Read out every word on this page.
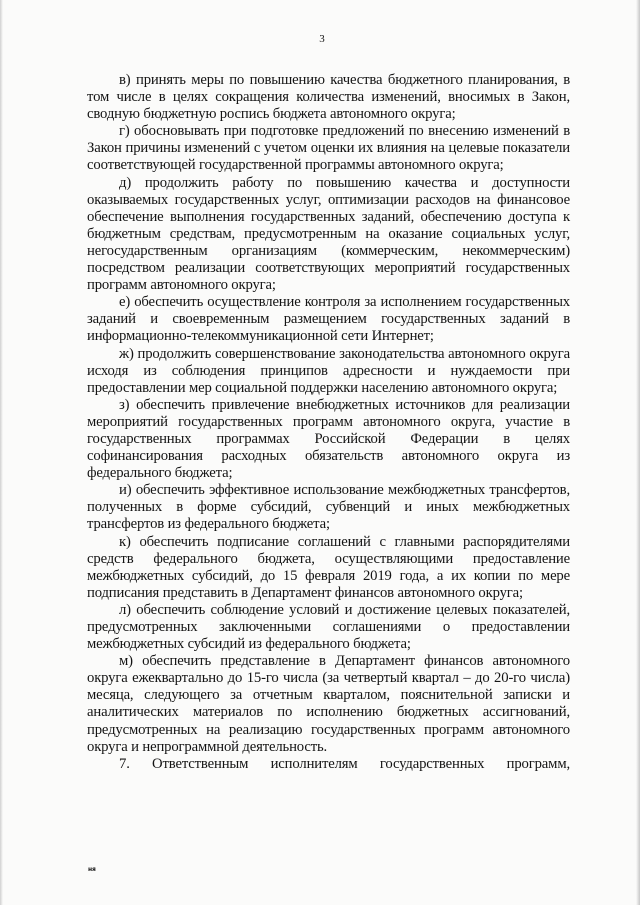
3

в) принять меры по повышению качества бюджетного планирования, в том числе в целях сокращения количества изменений, вносимых в Закон, сводную бюджетную роспись бюджета автономного округа;

г) обосновывать при подготовке предложений по внесению изменений в Закон причины изменений с учетом оценки их влияния на целевые показатели соответствующей государственной программы автономного округа;

д) продолжить работу по повышению качества и доступности оказываемых государственных услуг, оптимизации расходов на финансовое обеспечение выполнения государственных заданий, обеспечению доступа к бюджетным средствам, предусмотренным на оказание социальных услуг, негосударственным организациям (коммерческим, некоммерческим) посредством реализации соответствующих мероприятий государственных программ автономного округа;

е) обеспечить осуществление контроля за исполнением государственных заданий и своевременным размещением государственных заданий в информационно-телекоммуникационной сети Интернет;

ж) продолжить совершенствование законодательства автономного округа исходя из соблюдения принципов адресности и нуждаемости при предоставлении мер социальной поддержки населению автономного округа;

з) обеспечить привлечение внебюджетных источников для реализации мероприятий государственных программ автономного округа, участие в государственных программах Российской Федерации в целях софинансирования расходных обязательств автономного округа из федерального бюджета;

и) обеспечить эффективное использование межбюджетных трансфертов, полученных в форме субсидий, субвенций и иных межбюджетных трансфертов из федерального бюджета;

к) обеспечить подписание соглашений с главными распорядителями средств федерального бюджета, осуществляющими предоставление межбюджетных субсидий, до 15 февраля 2019 года, а их копии по мере подписания представить в Департамент финансов автономного округа;

л) обеспечить соблюдение условий и достижение целевых показателей, предусмотренных заключенными соглашениями о предоставлении межбюджетных субсидий из федерального бюджета;

м) обеспечить представление в Департамент финансов автономного округа ежеквартально до 15-го числа (за четвертый квартал – до 20-го числа) месяца, следующего за отчетным кварталом, пояснительной записки и аналитических материалов по исполнению бюджетных ассигнований, предусмотренных на реализацию государственных программ автономного округа и непрограммной деятельность.

7. Ответственным исполнителям государственных программ,

ня
